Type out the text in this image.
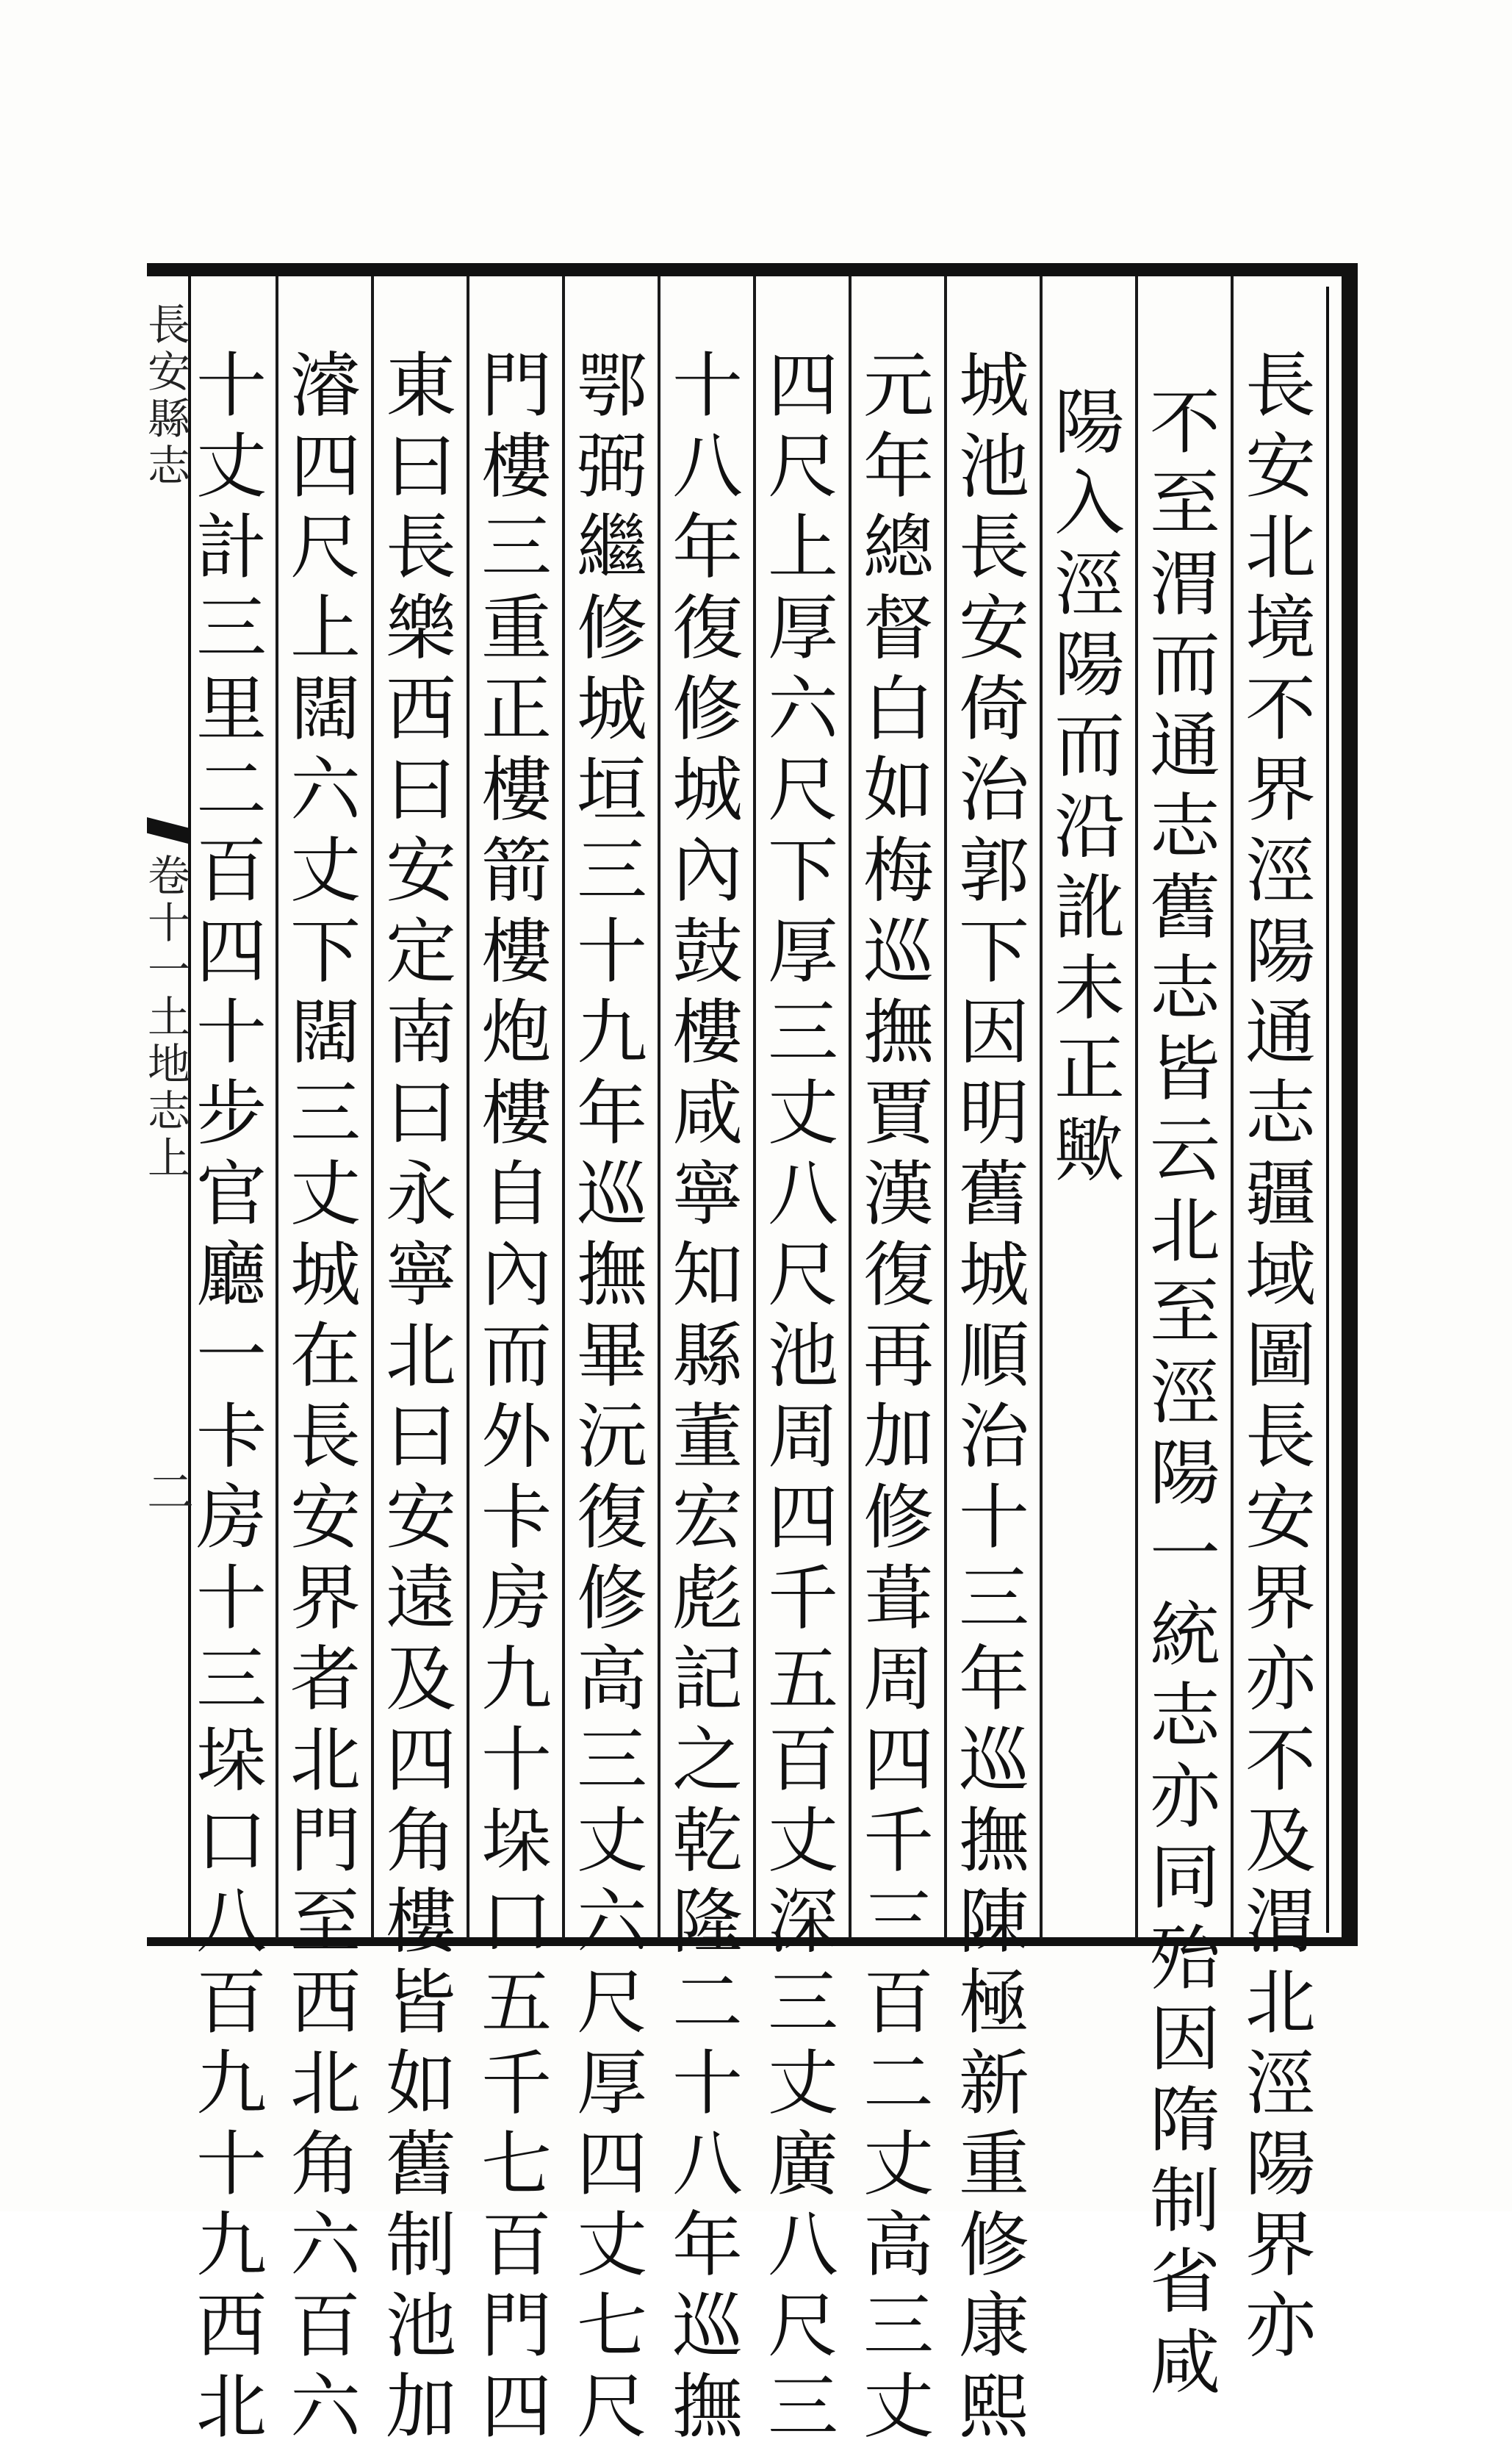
長安北境不界涇陽通志疆域圖長安界亦不及渭北涇陽界亦
不至渭而通志舊志皆云北至涇陽一統志亦同殆因隋制省咸
陽入涇陽而沿訛未正歟
城池長安倚治郭下因明舊城順治十三年巡撫陳極新重修康熙
元年總督白如梅巡撫賈漢復再加修葺周四千三百二丈高三丈
四尺上厚六尺下厚三丈八尺池周四千五百丈深三丈廣八尺三
十八年復修城內鼓樓咸寧知縣董宏彪記之乾隆二十八年巡撫
鄂弼繼修城垣三十九年巡撫畢沅復修高三丈六尺厚四丈七尺
門樓三重正樓箭樓炮樓自內而外卡房九十垛口五千七百門四
東曰長樂西曰安定南曰永寧北曰安遠及四角樓皆如舊制池加
濬四尺上闊六丈下闊三丈城在長安界者北門至西北角六百六
十丈計三里二百四十步官廳一卡房十三垛口八百九十九西北
長安縣志
卷十一
土地志上
二
